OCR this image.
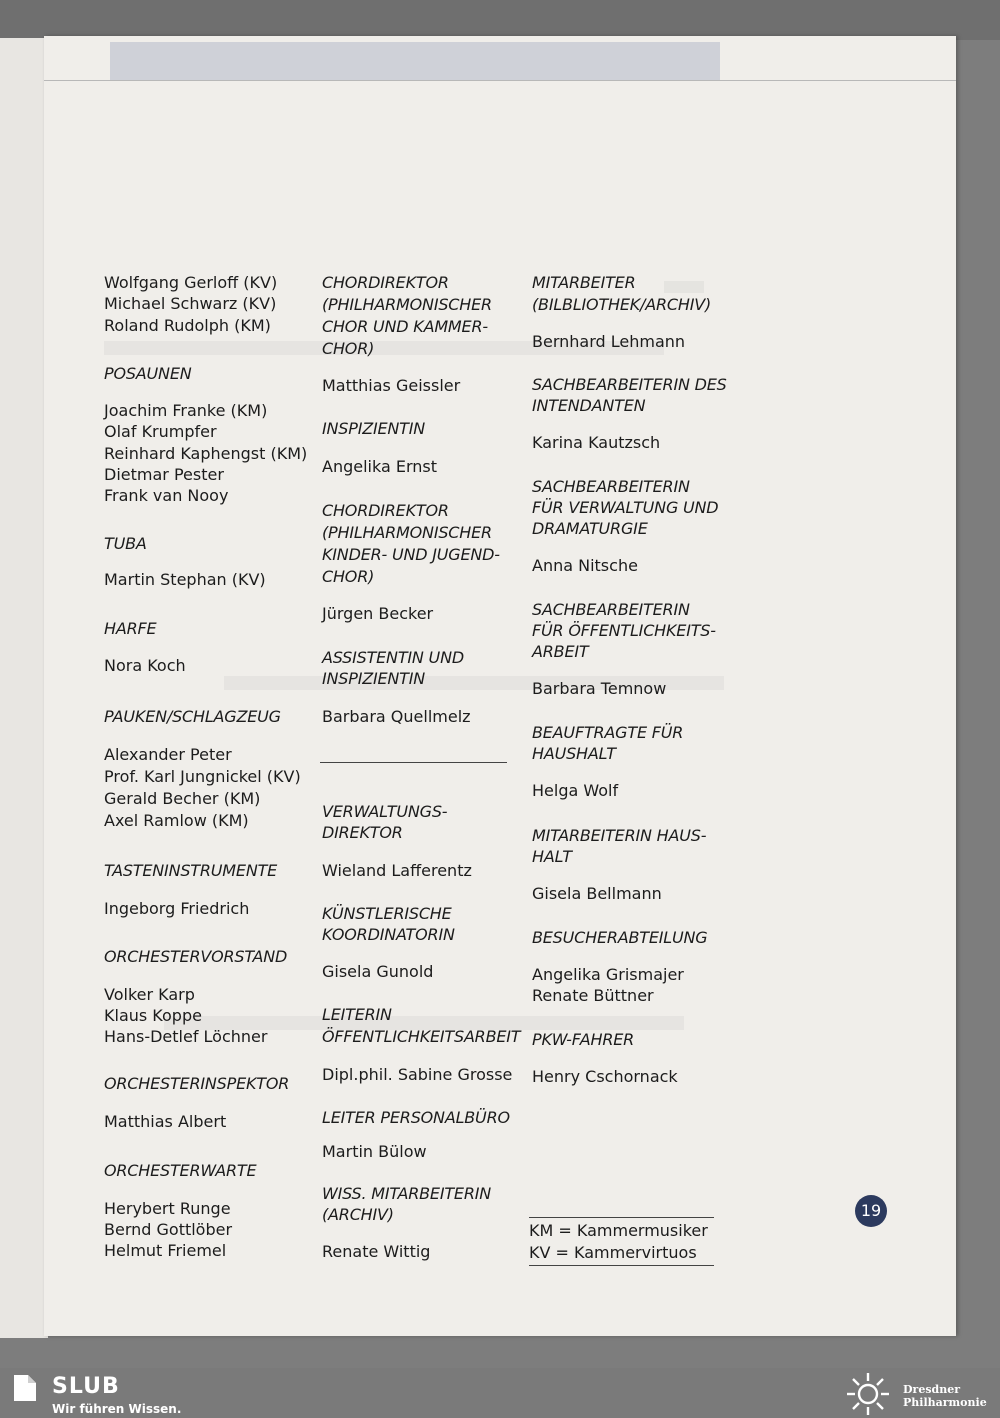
Wolfgang Gerloff (KV)
Michael Schwarz (KV)
Roland Rudolph (KM)
POSAUNEN
Joachim Franke (KM)
Olaf Krumpfer
Reinhard Kaphengst (KM)
Dietmar Pester
Frank van Nooy
TUBA
Martin Stephan (KV)
HARFE
Nora Koch
PAUKEN/SCHLAGZEUG
Alexander Peter
Prof. Karl Jungnickel (KV)
Gerald Becher (KM)
Axel Ramlow (KM)
TASTENINSTRUMENTE
Ingeborg Friedrich
ORCHESTERVORSTAND
Volker Karp
Klaus Koppe
Hans-Detlef Löchner
ORCHESTERINSPEKTOR
Matthias Albert
ORCHESTERWARTE
Herybert Runge
Bernd Gottlöber
Helmut Friemel
CHORDIREKTOR
(PHILHARMONISCHER
CHOR UND KAMMER-
CHOR)
Matthias Geissler
INSPIZIENTIN
Angelika Ernst
CHORDIREKTOR
(PHILHARMONISCHER
KINDER- UND JUGEND-
CHOR)
Jürgen Becker
ASSISTENTIN UND
INSPIZIENTIN
Barbara Quellmelz
VERWALTUNGS-
DIREKTOR
Wieland Lafferentz
KÜNSTLERISCHE
KOORDINATORIN
Gisela Gunold
LEITERIN
ÖFFENTLICHKEITSARBEIT
Dipl.phil. Sabine Grosse
LEITER PERSONALBÜRO
Martin Bülow
WISS. MITARBEITERIN
(ARCHIV)
Renate Wittig
MITARBEITER
(BILBLIOTHEK/ARCHIV)
Bernhard Lehmann
SACHBEARBEITERIN DES
INTENDANTEN
Karina Kautzsch
SACHBEARBEITERIN
FÜR VERWALTUNG UND
DRAMATURGIE
Anna Nitsche
SACHBEARBEITERIN
FÜR ÖFFENTLICHKEITS-
ARBEIT
Barbara Temnow
BEAUFTRAGTE FÜR
HAUSHALT
Helga Wolf
MITARBEITERIN HAUS-
HALT
Gisela Bellmann
BESUCHERABTEILUNG
Angelika Grismajer
Renate Büttner
PKW-FAHRER
Henry Cschornack
KM = Kammermusiker
KV = Kammervirtuos
19
SLUB
Wir führen Wissen.
Dresdner
Philharmonie
